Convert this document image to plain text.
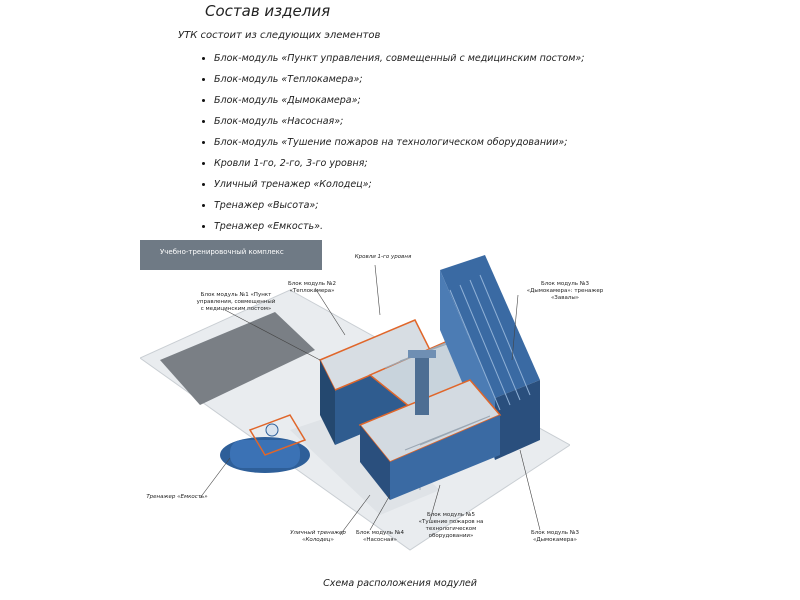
Состав изделия
УТК состоит из следующих элементов
• Блок-модуль «Пункт управления, совмещенный с медицинским постом»;
• Блок-модуль «Теплокамера»;
• Блок-модуль «Дымокамера»;
• Блок-модуль «Насосная»;
• Блок-модуль «Тушение пожаров на технологическом оборудовании»;
• Кровли 1-го, 2-го, 3-го уровня;
• Уличный тренажер «Колодец»;
• Тренажер «Высота»;
• Тренажер «Емкость».
Учебно-тренировочный комплекс
Кровли 1-го уровня
Блок модуль №2 «Теплокамера»
Блок модуль №1 «Пункт управления, совмещенный с медицинским постом»
Блок модуль №3 «Дымокамера»: тренажер «Завалы»
Тренажер «Емкость»
Уличный тренажер «Колодец»
Блок модуль №4 «Насосная»
Блок модуль №5 «Тушение пожаров на технологическом оборудовании»	Блок модуль №3 «Дымокамера»
Схема расположения модулей
